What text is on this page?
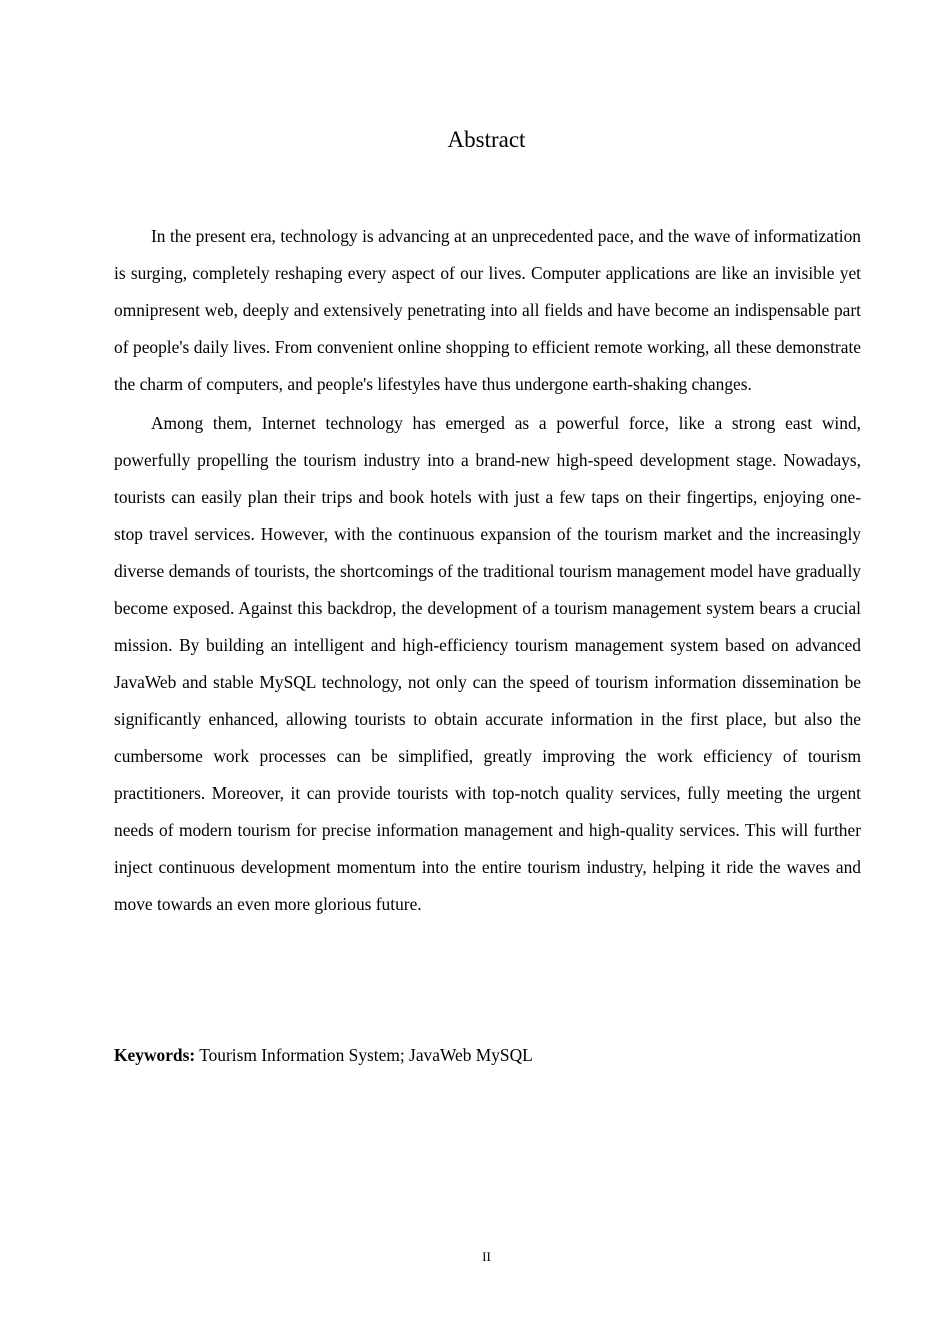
Abstract

In the present era, technology is advancing at an unprecedented pace, and the wave of informatization is surging, completely reshaping every aspect of our lives. Computer applications are like an invisible yet omnipresent web, deeply and extensively penetrating into all fields and have become an indispensable part of people's daily lives. From convenient online shopping to efficient remote working, all these demonstrate the charm of computers, and people's lifestyles have thus undergone earth-shaking changes.

Among them, Internet technology has emerged as a powerful force, like a strong east wind, powerfully propelling the tourism industry into a brand-new high-speed development stage. Nowadays, tourists can easily plan their trips and book hotels with just a few taps on their fingertips, enjoying one-stop travel services. However, with the continuous expansion of the tourism market and the increasingly diverse demands of tourists, the shortcomings of the traditional tourism management model have gradually become exposed. Against this backdrop, the development of a tourism management system bears a crucial mission. By building an intelligent and high-efficiency tourism management system based on advanced JavaWeb and stable MySQL technology, not only can the speed of tourism information dissemination be significantly enhanced, allowing tourists to obtain accurate information in the first place, but also the cumbersome work processes can be simplified, greatly improving the work efficiency of tourism practitioners. Moreover, it can provide tourists with top-notch quality services, fully meeting the urgent needs of modern tourism for precise information management and high-quality services. This will further inject continuous development momentum into the entire tourism industry, helping it ride the waves and move towards an even more glorious future.

Keywords: Tourism Information System; JavaWeb MySQL

II
